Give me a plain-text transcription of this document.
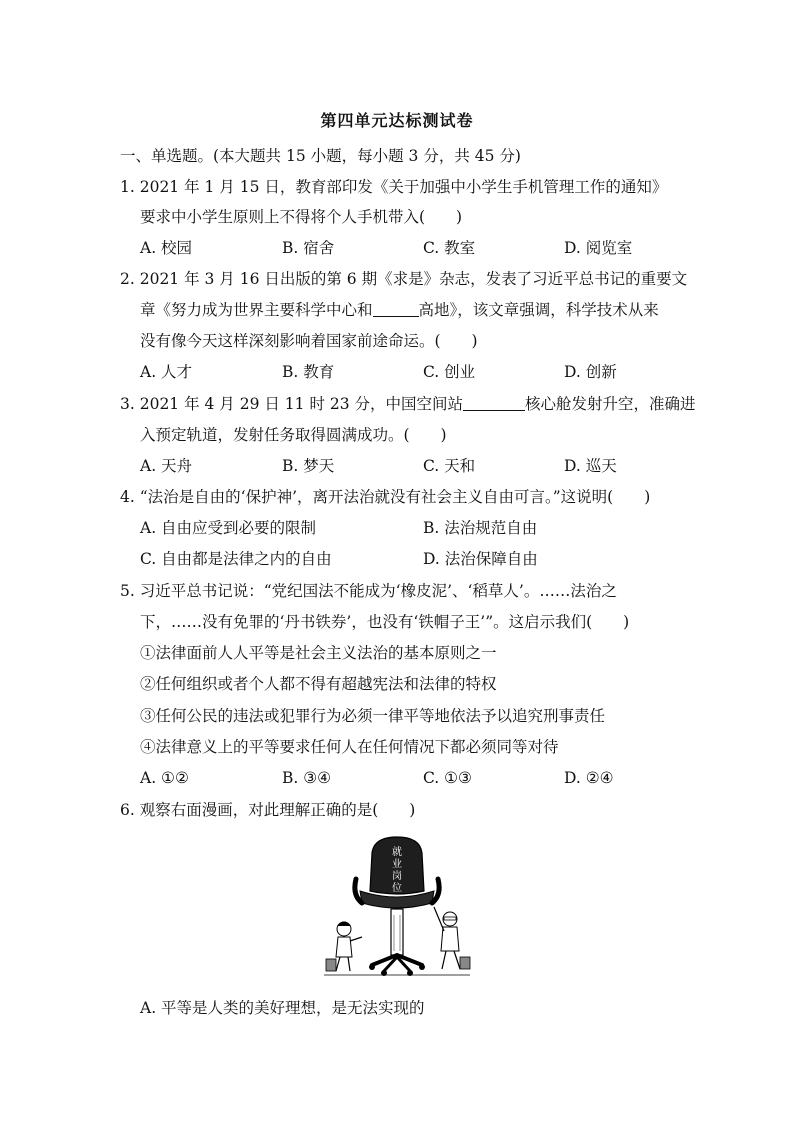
第四单元达标测试卷
一、单选题。(本大题共 15 小题，每小题 3 分，共 45 分)
1. 2021 年 1 月 15 日，教育部印发《关于加强中小学生手机管理工作的通知》
要求中小学生原则上不得将个人手机带入(　　)
A. 校园	B. 宿舍	C. 教室	D. 阅览室
2. 2021 年 3 月 16 日出版的第 6 期《求是》杂志，发表了习近平总书记的重要文
章《努力成为世界主要科学中心和	高地》，该文章强调，科学技术从来
没有像今天这样深刻影响着国家前途命运。(　　)
A. 人才	B. 教育	C. 创业	D. 创新
3. 2021 年 4 月 29 日 11 时 23 分，中国空间站	核心舱发射升空，准确进
入预定轨道，发射任务取得圆满成功。(　　)
A. 天舟	B. 梦天	C. 天和	D. 巡天
4. “法治是自由的‘保护神’，离开法治就没有社会主义自由可言。”这说明(　　)
A. 自由应受到必要的限制	B. 法治规范自由
C. 自由都是法律之内的自由	D. 法治保障自由
5. 习近平总书记说：“党纪国法不能成为‘橡皮泥’、‘稻草人’。……法治之
下，……没有免罪的‘丹书铁券’，也没有‘铁帽子王’”。这启示我们(　　)
①法律面前人人平等是社会主义法治的基本原则之一
②任何组织或者个人都不得有超越宪法和法律的特权
③任何公民的违法或犯罪行为必须一律平等地依法予以追究刑事责任
④法律意义上的平等要求任何人在任何情况下都必须同等对待
A. ①②	B. ③④	C. ①③	D. ②④
6. 观察右面漫画，对此理解正确的是(　　)
就
业
岗
位
A. 平等是人类的美好理想，是无法实现的
